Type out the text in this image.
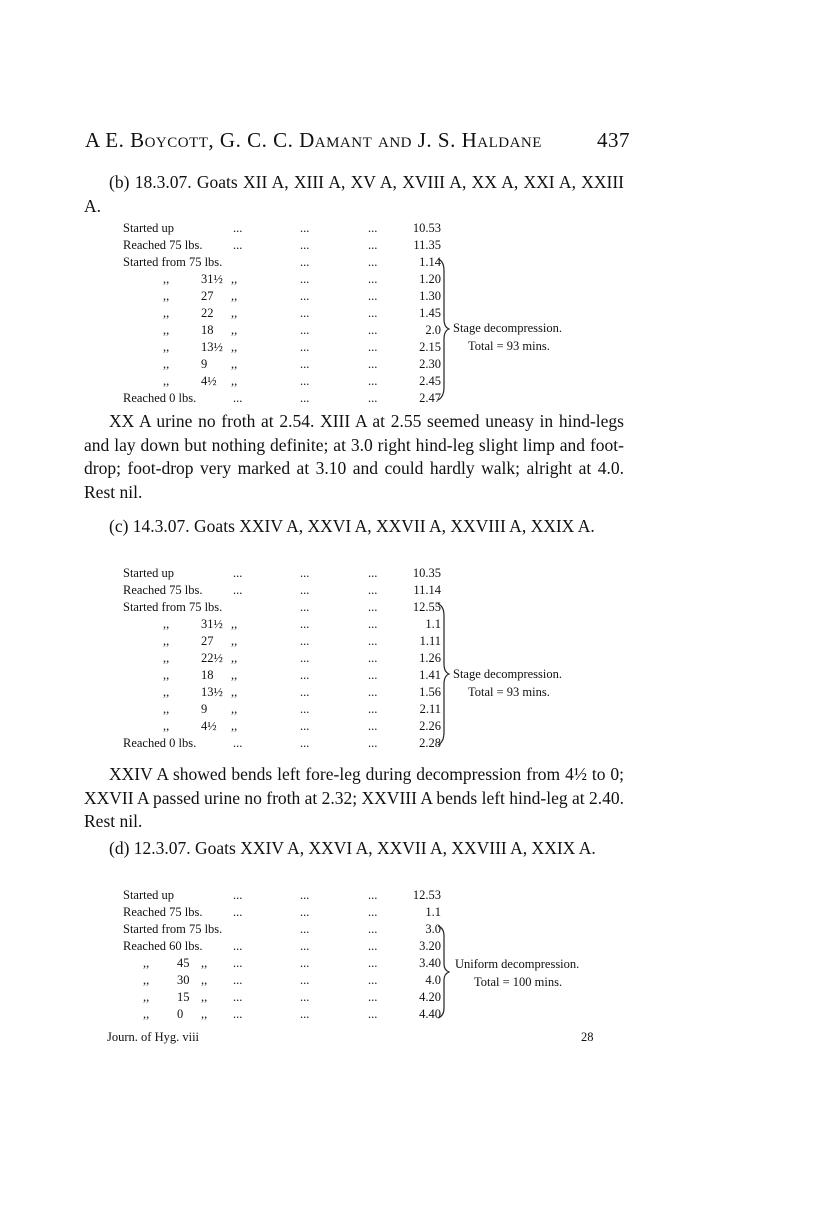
A E. Boycott, G. C. C. Damant and J. S. Haldane	437
(b) 18.3.07. Goats XII A, XIII A, XV A, XVIII A, XX A, XXI A, XXIII A.
Started up	...	...	...	10.53
Reached 75 lbs. ...	...	...	11.35
Started from 75 lbs.	...	...	1.14
,,	31½ ,,	...	...	1.20
,,	27 ,,	...	...	1.30
,,	22 ,,	...	...	1.45
,,	18 ,,	...	...	2.0
,,	13½ ,,	...	...	2.15
,,	9 ,,	...	...	2.30
,,	4½ ,,	...	...	2.45
Reached 0 lbs.	...	...	...	2.47
Stage decompression.
Total = 93 mins.
XX A urine no froth at 2.54. XIII A at 2.55 seemed uneasy in hind-legs and lay down but nothing definite; at 3.0 right hind-leg slight limp and foot-drop; foot-drop very marked at 3.10 and could hardly walk; alright at 4.0. Rest nil.
(c) 14.3.07. Goats XXIV A, XXVI A, XXVII A, XXVIII A, XXIX A.
Started up	...	...	...	10.35
Reached 75 lbs. ...	...	...	11.14
Started from 75 lbs.	...	...	12.55
,,	31½ ,,	...	...	1.1
,,	27 ,,	...	...	1.11
,,	22½ ,,	...	...	1.26
,,	18 ,,	...	...	1.41
,,	13½ ,,	...	...	1.56
,,	9 ,,	...	...	2.11
,,	4½ ,,	...	...	2.26
Reached 0 lbs.	...	...	...	2.28
Stage decompression.
Total = 93 mins.
XXIV A showed bends left fore-leg during decompression from 4½ to 0; XXVII A passed urine no froth at 2.32; XXVIII A bends left hind-leg at 2.40. Rest nil.
(d) 12.3.07. Goats XXIV A, XXVI A, XXVII A, XXVIII A, XXIX A.
Started up	...	...	...	12.53
Reached 75 lbs. ...	...	...	1.1
Started from 75 lbs.	...	...	3.0
Reached 60 lbs. ...	...	...	3.20
,, 45 ,, ...	...	...	3.40
,, 30 ,, ...	...	...	4.0
,, 15 ,, ...	...	...	4.20
,, 0 ,, ...	...	...	4.40
Uniform decompression.
Total = 100 mins.
Journ. of Hyg. viii	28
